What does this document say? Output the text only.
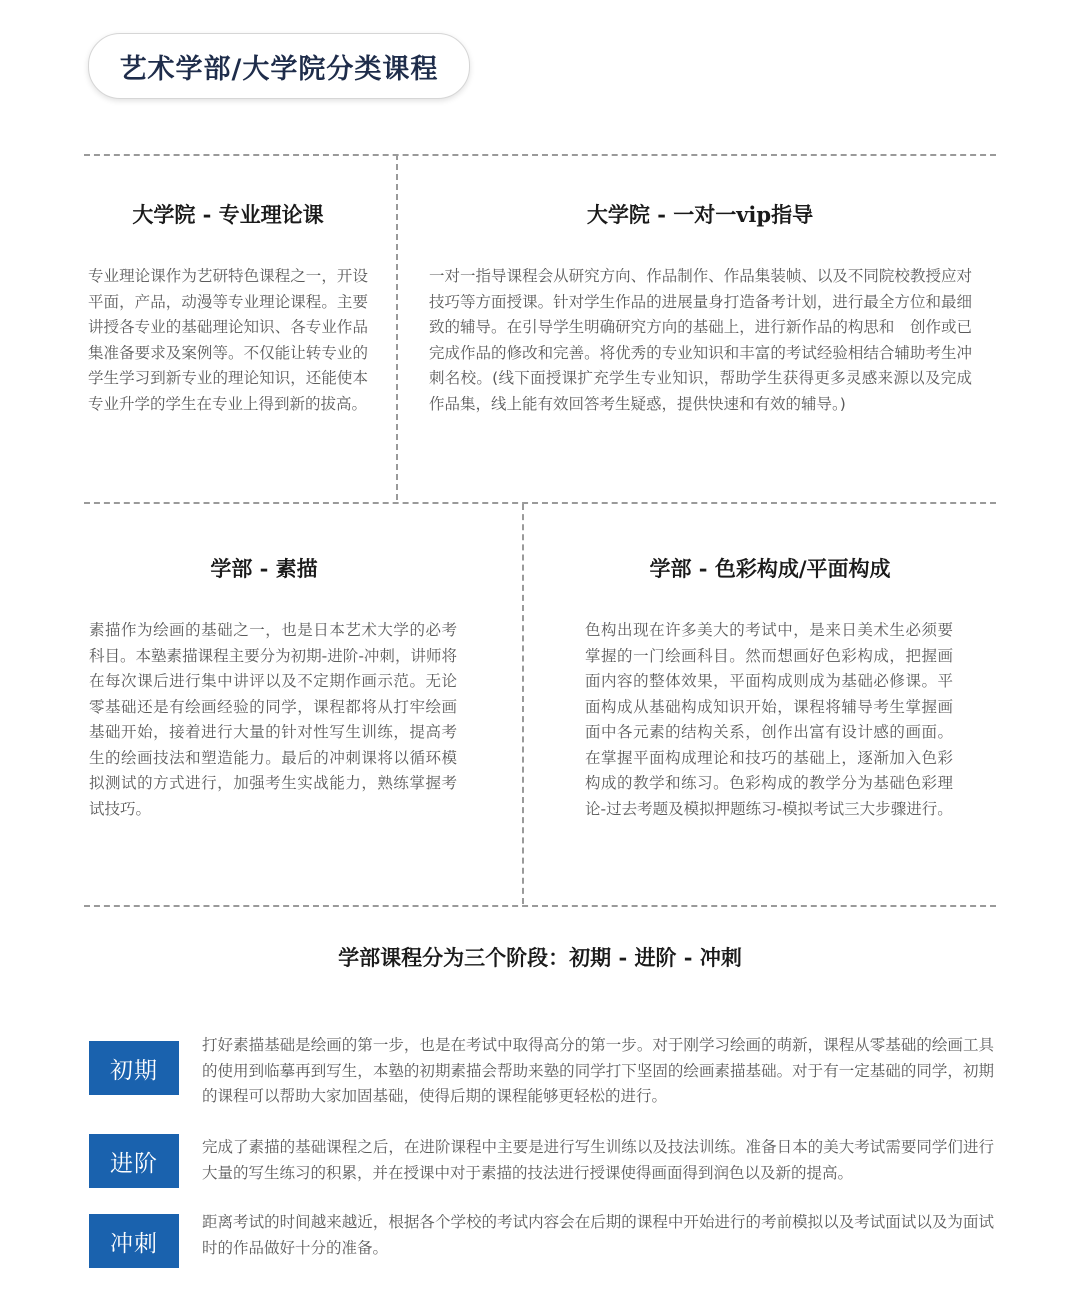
艺术学部/大学院分类课程
大学院 - 专业理论课

专业理论课作为艺研特色课程之一，开设平面，产品，动漫等专业理论课程。主要讲授各专业的基础理论知识、各专业作品集准备要求及案例等。不仅能让转专业的学生学习到新专业的理论知识，还能使本专业升学的学生在专业上得到新的拔高。

大学院 - 一对一vip指导

一对一指导课程会从研究方向、作品制作、作品集装帧、以及不同院校教授应对技巧等方面授课。针对学生作品的进展量身打造备考计划，进行最全方位和最细致的辅导。在引导学生明确研究方向的基础上，进行新作品的构思和　创作或已完成作品的修改和完善。将优秀的专业知识和丰富的考试经验相结合辅助考生冲刺名校。(线下面授课扩充学生专业知识，帮助学生获得更多灵感来源以及完成作品集，线上能有效回答考生疑惑，提供快速和有效的辅导。)

学部 - 素描

素描作为绘画的基础之一，也是日本艺术大学的必考科目。本塾素描课程主要分为初期-进阶-冲刺，讲师将在每次课后进行集中讲评以及不定期作画示范。无论零基础还是有绘画经验的同学，课程都将从打牢绘画基础开始，接着进行大量的针对性写生训练，提高考生的绘画技法和塑造能力。最后的冲刺课将以循环模拟测试的方式进行，加强考生实战能力，熟练掌握考试技巧。

学部 - 色彩构成/平面构成

色构出现在许多美大的考试中，是来日美术生必须要掌握的一门绘画科目。然而想画好色彩构成，把握画面内容的整体效果，平面构成则成为基础必修课。平面构成从基础构成知识开始，课程将辅导考生掌握画面中各元素的结构关系，创作出富有设计感的画面。在掌握平面构成理论和技巧的基础上，逐渐加入色彩构成的教学和练习。色彩构成的教学分为基础色彩理论-过去考题及模拟押题练习-模拟考试三大步骤进行。

学部课程分为三个阶段：初期 - 进阶 - 冲刺
初期

打好素描基础是绘画的第一步，也是在考试中取得高分的第一步。对于刚学习绘画的萌新，课程从零基础的绘画工具的使用到临摹再到写生，本塾的初期素描会帮助来塾的同学打下坚固的绘画素描基础。对于有一定基础的同学，初期的课程可以帮助大家加固基础，使得后期的课程能够更轻松的进行。

进阶

完成了素描的基础课程之后，在进阶课程中主要是进行写生训练以及技法训练。准备日本的美大考试需要同学们进行大量的写生练习的积累，并在授课中对于素描的技法进行授课使得画面得到润色以及新的提高。

冲刺

距离考试的时间越来越近，根据各个学校的考试内容会在后期的课程中开始进行的考前模拟以及考试面试以及为面试时的作品做好十分的准备。
